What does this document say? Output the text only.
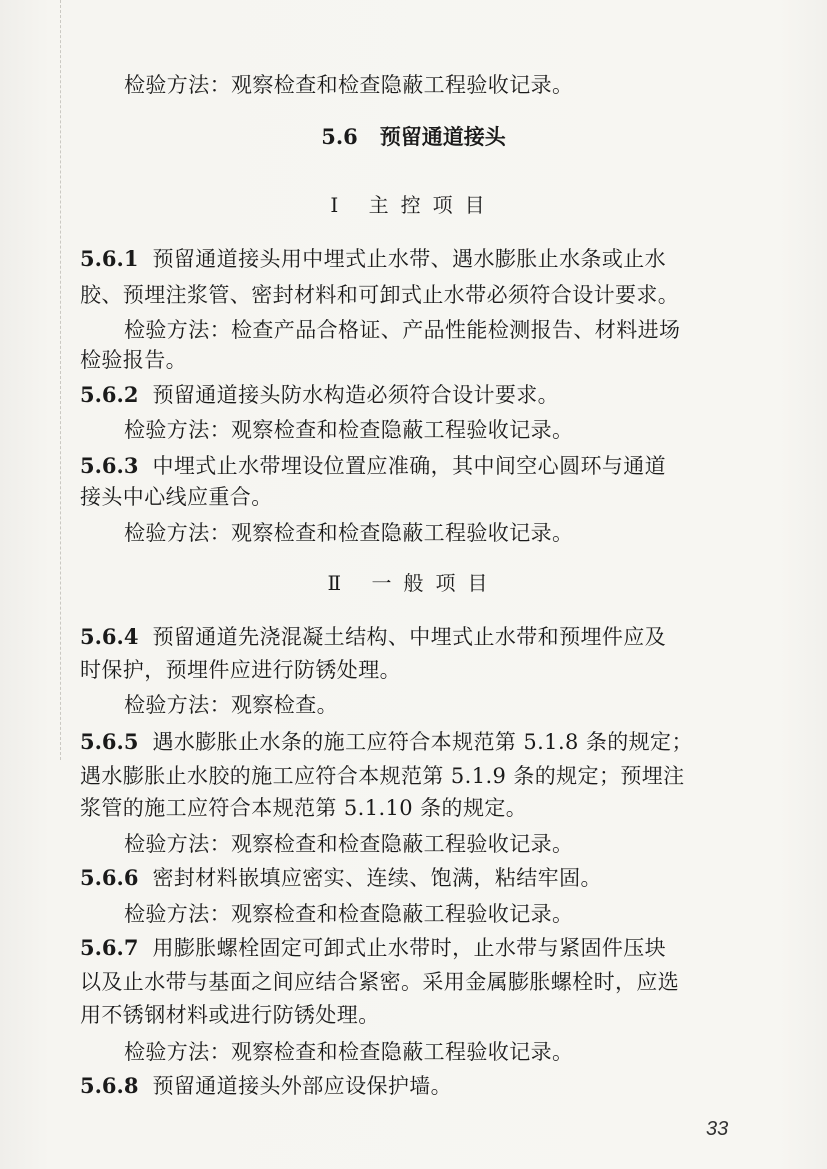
检验方法：观察检查和检查隐蔽工程验收记录。
5.6 预留通道接头
Ⅰ 主控项目
5.6.1 预留通道接头用中埋式止水带、遇水膨胀止水条或止水
胶、预埋注浆管、密封材料和可卸式止水带必须符合设计要求。
检验方法：检查产品合格证、产品性能检测报告、材料进场
检验报告。
5.6.2 预留通道接头防水构造必须符合设计要求。
检验方法：观察检查和检查隐蔽工程验收记录。
5.6.3 中埋式止水带埋设位置应准确，其中间空心圆环与通道
接头中心线应重合。
检验方法：观察检查和检查隐蔽工程验收记录。
Ⅱ 一般项目
5.6.4 预留通道先浇混凝土结构、中埋式止水带和预埋件应及
时保护，预埋件应进行防锈处理。
检验方法：观察检查。
5.6.5 遇水膨胀止水条的施工应符合本规范第 5.1.8 条的规定；
遇水膨胀止水胶的施工应符合本规范第 5.1.9 条的规定；预埋注
浆管的施工应符合本规范第 5.1.10 条的规定。
检验方法：观察检查和检查隐蔽工程验收记录。
5.6.6 密封材料嵌填应密实、连续、饱满，粘结牢固。
检验方法：观察检查和检查隐蔽工程验收记录。
5.6.7 用膨胀螺栓固定可卸式止水带时，止水带与紧固件压块
以及止水带与基面之间应结合紧密。采用金属膨胀螺栓时，应选
用不锈钢材料或进行防锈处理。
检验方法：观察检查和检查隐蔽工程验收记录。
5.6.8 预留通道接头外部应设保护墙。
33
